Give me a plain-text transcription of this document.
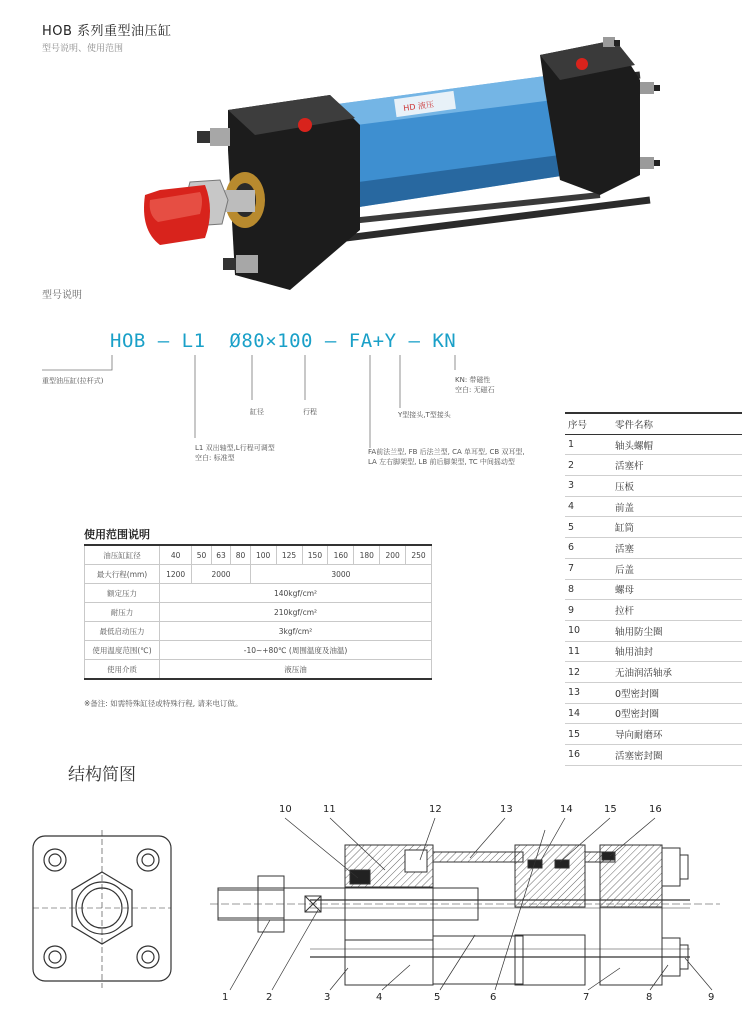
HOB 系列重型油压缸
型号说明、使用范围
HD 液压
型号说明
HOB — L1  Ø80×100 — FA+Y — KN
重型油压缸(拉杆式)
缸径	行程	Y型接头,T型接头
KN: 带磁性
空白: 无磁石
L1 双出轴型,L行程可调型
空白: 标准型
FA前法兰型, FB 后法兰型, CA 单耳型, CB 双耳型,
LA 左右脚架型, LB 前后脚架型, TC 中间摇动型
使用范围说明
油压缸缸径	40	50	63	80	100	125	150	160	180	200	250
最大行程(mm)	1200	2000			3000						
额定压力	140kgf/cm²										
耐压力	210kgf/cm²										
最低启动压力	3kgf/cm²										
使用温度范围(℃)	-10~+80℃ (周围温度及油温)										
使用介质	液压油										
※备注: 如需特殊缸径或特殊行程, 请来电订做。
序号	零件名称
1	轴头螺帽
2	活塞杆
3	压板
4	前盖
5	缸筒
6	活塞
7	后盖
8	螺母
9	拉杆
10	轴用防尘圈
11	轴用油封
12	无油润活轴承
13	0型密封圈
14	0型密封圈
15	导向耐磨环
16	活塞密封圈
结构简图
10	11	12	13	14	15	16
1	2	3	4	5	6	7	8	9
